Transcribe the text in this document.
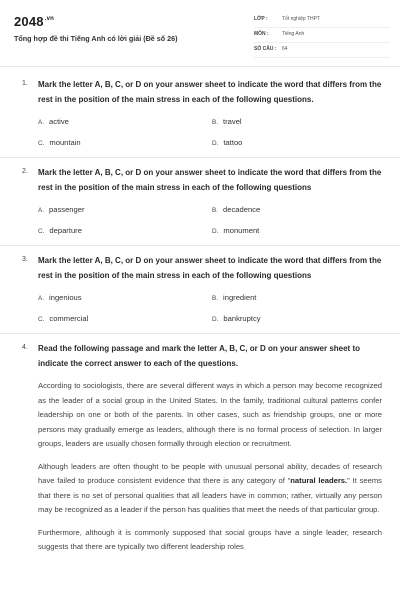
$2048^{.vn}$
Tổng hợp đề thi Tiếng Anh có lời giải (Đề số 26)
LỚP :	Tốt nghiệp THPT
MÔN :	Tiếng Anh
SỐ CÂU :	64
1. Mark the letter A, B, C, or D on your answer sheet to indicate the word that differs from the rest in the position of the main stress in each of the following questions.

A. active	B. travel
C. mountain	D. tattoo
2. Mark the letter A, B, C, or D on your answer sheet to indicate the word that differs from the rest in the position of the main stress in each of the following questions

A. passenger	B. decadence
C. departure	D. monument
3. Mark the letter A, B, C, or D on your answer sheet to indicate the word that differs from the rest in the position of the main stress in each of the following questions

A. ingenious	B. ingredient
C. commercial	D. bankruptcy
4. Read the following passage and mark the letter A, B, C, or D on your answer sheet to indicate the correct answer to each of the questions.

According to sociologists, there are several different ways in which a person may become recognized as the leader of a social group in the United States. In the family, traditional cultural patterns confer leadership on one or both of the parents. In other cases, such as friendship groups, one or more persons may gradually emerge as leaders, although there is no formal process of selection. In larger groups, leaders are usually chosen formally through election or recruitment.

Although leaders are often thought to be people with unusual personal ability, decades of research have failed to produce consistent evidence that there is any category of "natural leaders." It seems that there is no set of personal qualities that all leaders have in common; rather, virtually any person may be recognized as a leader if the person has qualities that meet the needs of that particular group.

Furthermore, although it is commonly supposed that social groups have a single leader, research suggests that there are typically two different leadership roles
